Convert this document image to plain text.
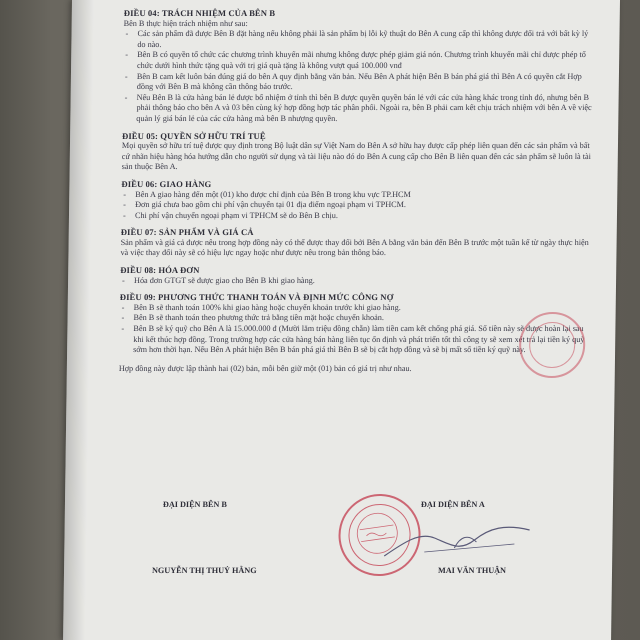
ĐIỀU 04: TRÁCH NHIỆM CỦA BÊN B

Bên B thực hiện trách nhiệm như sau:

- Các sản phẩm đã được Bên B đặt hàng nếu không phải là sản phẩm bị lỗi kỹ thuật do Bên A cung cấp thì không được đổi trả với bất kỳ lý do nào.

- Bên B có quyền tổ chức các chương trình khuyến mãi nhưng không được phép giảm giá nón. Chương trình khuyến mãi chỉ được phép tổ chức dưới hình thức tặng quà với trị giá quà tặng là không vượt quá 100.000 vnđ

- Bên B cam kết luôn bán đúng giá do bên A quy định bằng văn bản. Nếu Bên A phát hiện Bên B bán phá giá thì Bên A có quyền cắt Hợp đồng với Bên B mà không cần thông báo trước.

- Nếu Bên B là cửa hàng bán lẻ được bổ nhiệm ở tỉnh thì bên B được quyền quyền bán lẻ với các cửa hàng khác trong tỉnh đó, nhưng bên B phải thông báo cho bên A và 03 bên cùng ký hợp đồng hợp tác phân phối. Ngoài ra, bên B phải cam kết chịu trách nhiệm với bên A về việc quản lý giá bán lẻ của các cửa hàng mà bên B nhượng quyền.

ĐIỀU 05: QUYỀN SỞ HỮU TRÍ TUỆ

Mọi quyền sở hữu trí tuệ được quy định trong Bộ luật dân sự Việt Nam do Bên A sở hữu hay được cấp phép liên quan đến các sản phẩm và bất cứ nhãn hiệu hàng hóa hướng dẫn cho người sử dụng và tài liệu nào đó do Bên A cung cấp cho Bên B liên quan đến các sản phẩm sẽ luôn là tài sản thuộc Bên A.

ĐIỀU 06: GIAO HÀNG

- Bên A giao hàng đến một (01) kho được chỉ định của Bên B trong khu vực TP.HCM

- Đơn giá chưa bao gồm chi phí vận chuyển tại 01 địa điểm ngoại phạm vi TPHCM.

- Chi phí vận chuyển ngoại phạm vi TPHCM sẽ do Bên B chịu.

ĐIỀU 07: SẢN PHẨM VÀ GIÁ CẢ

Sản phẩm và giá cả được nêu trong hợp đồng này có thể được thay đổi bởi Bên A bằng văn bản đến Bên B trước một tuần kể từ ngày thực hiện và việc thay đổi này sẽ có hiệu lực ngay hoặc như được nêu trong bản thông báo.

ĐIỀU 08: HÓA ĐƠN

- Hóa đơn GTGT sẽ được giao cho Bên B khi giao hàng.

ĐIỀU 09: PHƯƠNG THỨC THANH TOÁN VÀ ĐỊNH MỨC CÔNG NỢ

- Bên B sẽ thanh toán 100% khi giao hàng hoặc chuyển khoản trước khi giao hàng.

- Bên B sẽ thanh toán theo phương thức trả bằng tiền mặt hoặc chuyển khoản.

- Bên B sẽ ký quỹ cho Bên A là 15.000.000 đ (Mười lăm triệu đồng chẵn) làm tiền cam kết chống phá giá. Số tiền này sẽ được hoàn lại sau khi kết thúc hợp đồng. Trong trường hợp các cửa hàng bán hàng liên tục ổn định và phát triển tốt thì công ty sẽ xem xét trả lại tiền ký quỹ sớm hơn thời hạn. Nếu Bên A phát hiện Bên B bán phá giá thì Bên B sẽ bị cắt hợp đồng và sẽ bị mất số tiền ký quỹ này.

Hợp đồng này được lập thành hai (02) bản, mỗi bên giữ một (01) bản có giá trị như nhau.

ĐẠI DIỆN BÊN B	ĐẠI DIỆN BÊN A
NGUYỄN THỊ THUỶ HẰNG	MAI VĂN THUẬN
